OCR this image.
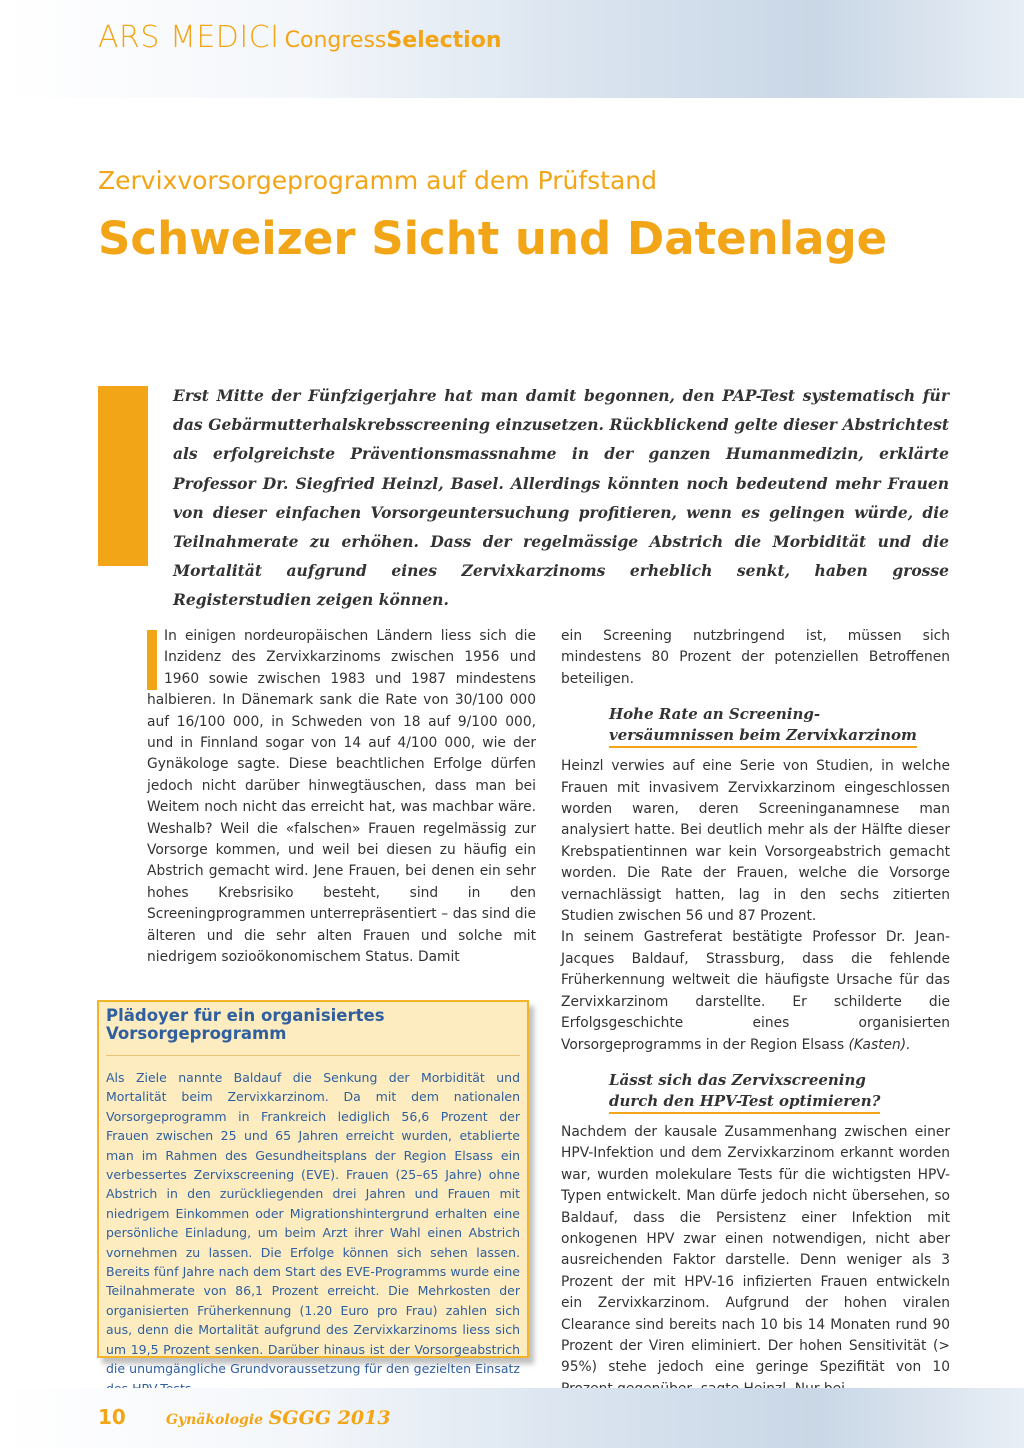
ARS MEDICI CongressSelection
Zervixvorsorgeprogramm auf dem Prüfstand
Schweizer Sicht und Datenlage

Erst Mitte der Fünfzigerjahre hat man damit begonnen, den PAP-Test systematisch für das Gebärmutterhalskrebsscreening einzusetzen. Rückblickend gelte dieser Abstrichtest als erfolgreichste Präventionsmassnahme in der ganzen Humanmedizin, erklärte Professor Dr. Siegfried Heinzl, Basel. Allerdings könnten noch bedeutend mehr Frauen von dieser einfachen Vorsorgeuntersuchung profitieren, wenn es gelingen würde, die Teilnahmerate zu erhöhen. Dass der regelmässige Abstrich die Morbidität und die Mortalität aufgrund eines Zervixkarzinoms erheblich senkt, haben grosse Registerstudien zeigen können.

In einigen nordeuropäischen Ländern liess sich die Inzidenz des Zervixkarzinoms zwischen 1956 und 1960 sowie zwischen 1983 und 1987 mindestens halbieren. In Dänemark sank die Rate von 30/100 000 auf 16/100 000, in Schweden von 18 auf 9/100 000, und in Finnland sogar von 14 auf 4/100 000, wie der Gynäkologe sagte. Diese beachtlichen Erfolge dürfen jedoch nicht darüber hinwegtäuschen, dass man bei Weitem noch nicht das erreicht hat, was machbar wäre. Weshalb? Weil die «falschen» Frauen regelmässig zur Vorsorge kommen, und weil bei diesen zu häufig ein Abstrich gemacht wird. Jene Frauen, bei denen ein sehr hohes Krebsrisiko besteht, sind in den Screeningprogrammen unterrepräsentiert – das sind die älteren und die sehr alten Frauen und solche mit niedrigem sozioökonomischem Status. Damit

ein Screening nutzbringend ist, müssen sich mindestens 80 Prozent der potenziellen Betroffenen beteiligen.

Hohe Rate an Screening-
versäumnissen beim Zervixkarzinom

Heinzl verwies auf eine Serie von Studien, in welche Frauen mit invasivem Zervixkarzinom eingeschlossen worden waren, deren Screeninganamnese man analysiert hatte. Bei deutlich mehr als der Hälfte dieser Krebspatientinnen war kein Vorsorgeabstrich gemacht worden. Die Rate der Frauen, welche die Vorsorge vernachlässigt hatten, lag in den sechs zitierten Studien zwischen 56 und 87 Prozent.

In seinem Gastreferat bestätigte Professor Dr. Jean-Jacques Baldauf, Strassburg, dass die fehlende Früherkennung weltweit die häufigste Ursache für das Zervixkarzinom darstellte. Er schilderte die Erfolgsgeschichte eines organisierten Vorsorgeprogramms in der Region Elsass (Kasten).

Lässt sich das Zervixscreening
durch den HPV-Test optimieren?

Nachdem der kausale Zusammenhang zwischen einer HPV-Infektion und dem Zervixkarzinom erkannt worden war, wurden molekulare Tests für die wichtigsten HPV-Typen entwickelt. Man dürfe jedoch nicht übersehen, so Baldauf, dass die Persistenz einer Infektion mit onkogenen HPV zwar einen notwendigen, nicht aber ausreichenden Faktor darstelle. Denn weniger als 3 Prozent der mit HPV-16 infizierten Frauen entwickeln ein Zervixkarzinom. Aufgrund der hohen viralen Clearance sind bereits nach 10 bis 14 Monaten rund 90 Prozent der Viren eliminiert. Der hohen Sensitivität (> 95%) stehe jedoch eine geringe Spezifität von 10

Plädoyer für ein organisiertes Vorsorgeprogramm
Als Ziele nannte Baldauf die Senkung der Morbidität und Mortalität beim Zervixkarzinom. Da mit dem nationalen Vorsorgeprogramm in Frankreich lediglich 56,6 Prozent der Frauen zwischen 25 und 65 Jahren erreicht wurden, etablierte man im Rahmen des Gesundheitsplans der Region Elsass ein verbessertes Zervixscreening (EVE). Frauen (25–65 Jahre) ohne Abstrich in den zurückliegenden drei Jahren und Frauen mit niedrigem Einkommen oder Migrationshintergrund erhalten eine persönliche Einladung, um beim Arzt ihrer Wahl einen Abstrich vornehmen zu lassen. Die Erfolge können sich sehen lassen. Bereits fünf Jahre nach dem Start des EVE-Programms wurde eine Teilnahmerate von 86,1 Prozent erreicht. Die Mehrkosten der organisierten Früherkennung (1.20 Euro pro Frau) zahlen sich aus, denn die Mortalität aufgrund des Zervixkarzinoms liess sich um 19,5 Prozent senken. Darüber hinaus ist der Vorsorgeabstrich die unumgängliche Grundvoraussetzung für den gezielten Einsatz
10	Gynäkologie SGGG 2013
